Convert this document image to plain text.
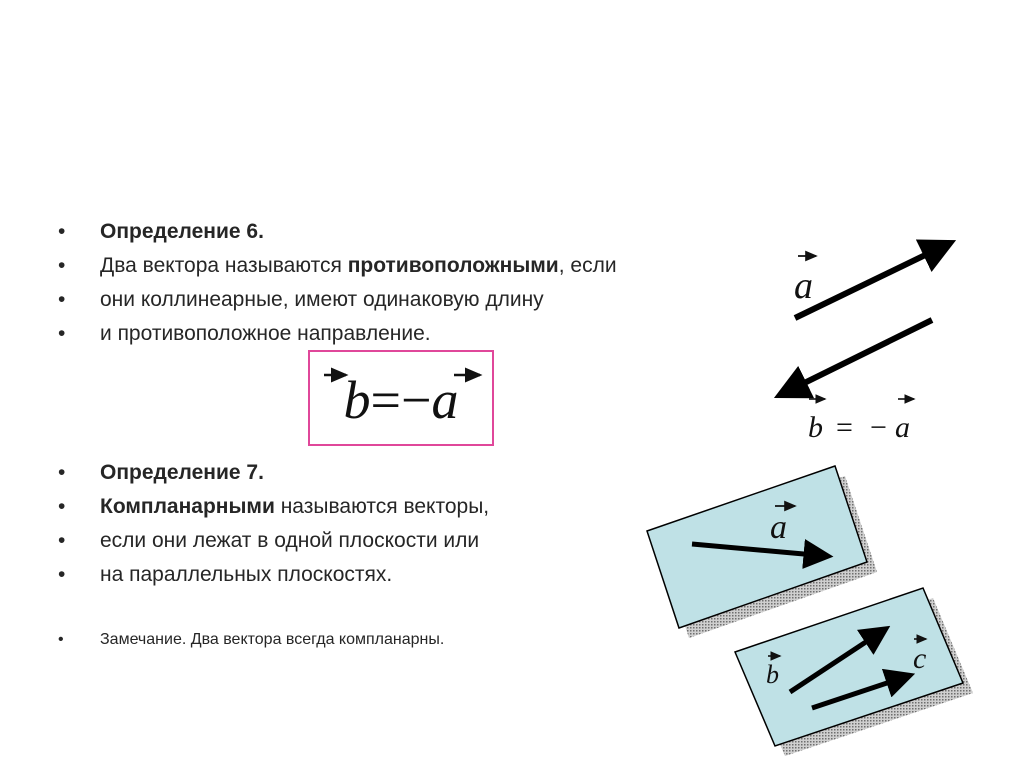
• Определение 6.
• Два вектора называются противоположными, если
• они коллинеарные, имеют одинаковую длину
• и противоположное направление.
b=−a
• Определение 7.
• Компланарными называются векторы,
• если они лежат в одной плоскости или
• на параллельных плоскостях.
• Замечание. Два вектора всегда компланарны.
a
b = − a
a
b	c
